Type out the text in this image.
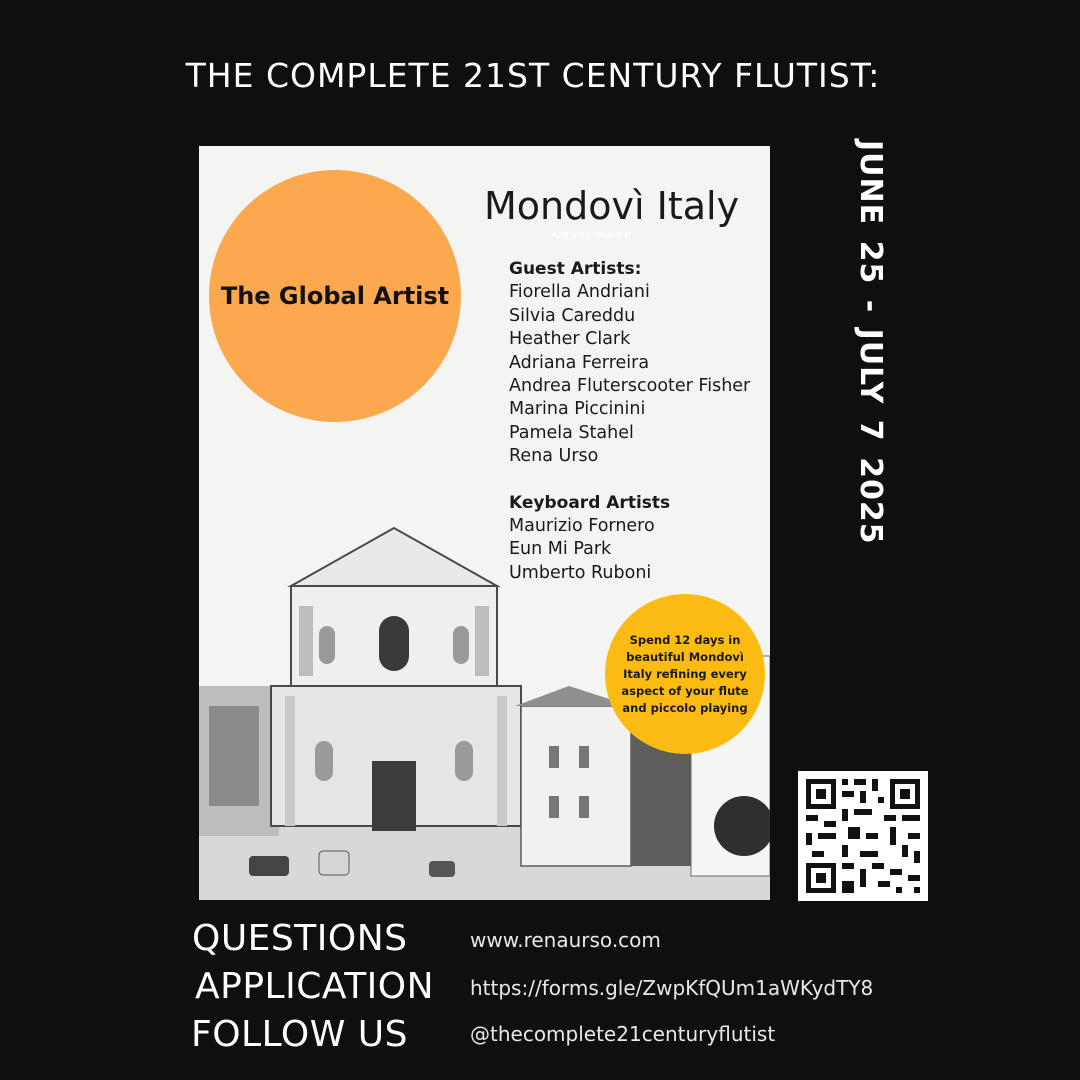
THE COMPLETE 21ST CENTURY FLUTIST:
The Global Artist
Mondovì Italy
Add your new text
Guest Artists:
Fiorella Andriani
Silvia Careddu
Heather Clark
Adriana Ferreira
Andrea Fluterscooter Fisher
Marina Piccinini
Pamela Stahel
Rena Urso
Keyboard Artists
Maurizio Fornero
Eun Mi Park
Umberto Ruboni
Spend 12 days in beautiful Mondovì Italy refining every aspect of your flute and piccolo playing
JUNE 25 - JULY 7 2025
QUESTIONS	www.renaurso.com
APPLICATION https://forms.gle/ZwpKfQUm1aWKydTY8
FOLLOW US	@thecomplete21centuryflutist
